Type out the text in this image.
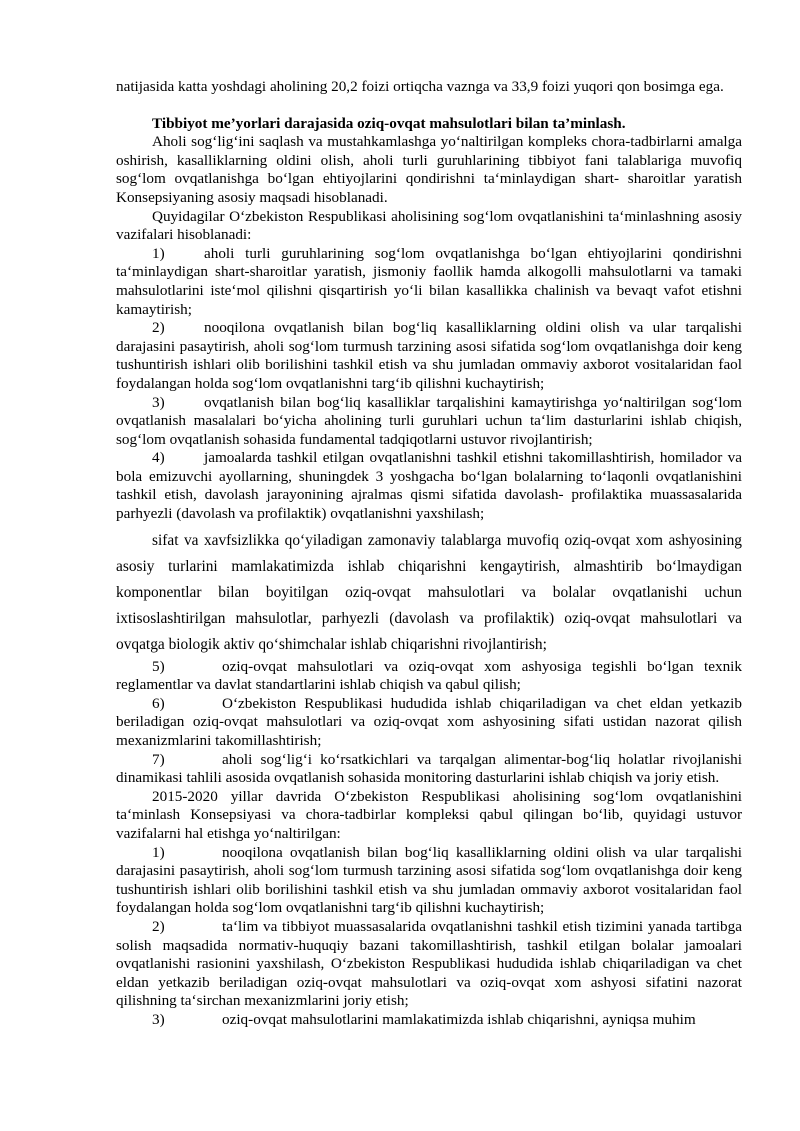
natijasida katta yoshdagi aholining 20,2 foizi ortiqcha vaznga va 33,9 foizi yuqori qon bosimga ega.

Tibbiyot me’yorlari darajasida oziq-ovqat mahsulotlari bilan ta’minlash.

Aholi sog‘lig‘ini saqlash va mustahkamlashga yo‘naltirilgan kompleks chora-tadbirlarni amalga oshirish, kasalliklarning oldini olish, aholi turli guruhlarining tibbiyot fani talablariga muvofiq sog‘lom ovqatlanishga bo‘lgan ehtiyojlarini qondirishni ta‘minlaydigan shart- sharoitlar yaratish Konsepsiyaning asosiy maqsadi hisoblanadi.

Quyidagilar O‘zbekiston Respublikasi aholisining sog‘lom ovqatlanishini ta‘minlashning asosiy vazifalari hisoblanadi:

1)	aholi turli guruhlarining sog‘lom ovqatlanishga bo‘lgan ehtiyojlarini qondirishni ta‘minlaydigan shart-sharoitlar yaratish, jismoniy faollik hamda alkogolli mahsulotlarni va tamaki mahsulotlarini iste‘mol qilishni qisqartirish yo‘li bilan kasallikka chalinish va bevaqt vafot etishni kamaytirish;

2)	nooqilona ovqatlanish bilan bog‘liq kasalliklarning oldini olish va ular tarqalishi darajasini pasaytirish, aholi sog‘lom turmush tarzining asosi sifatida sog‘lom ovqatlanishga doir keng tushuntirish ishlari olib borilishini tashkil etish va shu jumladan ommaviy axborot vositalaridan faol foydalangan holda sog‘lom ovqatlanishni targ‘ib qilishni kuchaytirish;

3)	ovqatlanish bilan bog‘liq kasalliklar tarqalishini kamaytirishga yo‘naltirilgan sog‘lom ovqatlanish masalalari bo‘yicha aholining turli guruhlari uchun ta‘lim dasturlarini ishlab chiqish, sog‘lom ovqatlanish sohasida fundamental tadqiqotlarni ustuvor rivojlantirish;

4)	jamoalarda tashkil etilgan ovqatlanishni tashkil etishni takomillashtirish, homilador va bola emizuvchi ayollarning, shuningdek 3 yoshgacha bo‘lgan bolalarning to‘laqonli ovqatlanishini tashkil etish, davolash jarayonining ajralmas qismi sifatida davolash- profilaktika muassasalarida parhyezli (davolash va profilaktik) ovqatlanishni yaxshilash;

sifat va xavfsizlikka qo‘yiladigan zamonaviy talablarga muvofiq oziq-ovqat xom ashyosining asosiy turlarini mamlakatimizda ishlab chiqarishni kengaytirish, almashtirib bo‘lmaydigan komponentlar bilan boyitilgan oziq-ovqat mahsulotlari va bolalar ovqatlanishi uchun ixtisoslashtirilgan mahsulotlar, parhyezli (davolash va profilaktik) oziq-ovqat mahsulotlari va ovqatga biologik aktiv qo‘shimchalar ishlab chiqarishni rivojlantirish;

5)	oziq-ovqat mahsulotlari va oziq-ovqat xom ashyosiga tegishli bo‘lgan texnik reglamentlar va davlat standartlarini ishlab chiqish va qabul qilish;

6)	O‘zbekiston Respublikasi hududida ishlab chiqariladigan va chet eldan yetkazib beriladigan oziq-ovqat mahsulotlari va oziq-ovqat xom ashyosining sifati ustidan nazorat qilish mexanizmlarini takomillashtirish;

7)	aholi sog‘lig‘i ko‘rsatkichlari va tarqalgan alimentar-bog‘liq holatlar rivojlanishi dinamikasi tahlili asosida ovqatlanish sohasida monitoring dasturlarini ishlab chiqish va joriy etish.

2015-2020 yillar davrida O‘zbekiston Respublikasi aholisining sog‘lom ovqatlanishini ta‘minlash Konsepsiyasi va chora-tadbirlar kompleksi qabul qilingan bo‘lib, quyidagi ustuvor vazifalarni hal etishga yo‘naltirilgan:

1)	nooqilona ovqatlanish bilan bog‘liq kasalliklarning oldini olish va ular tarqalishi darajasini pasaytirish, aholi sog‘lom turmush tarzining asosi sifatida sog‘lom ovqatlanishga doir keng tushuntirish ishlari olib borilishini tashkil etish va shu jumladan ommaviy axborot vositalaridan faol foydalangan holda sog‘lom ovqatlanishni targ‘ib qilishni kuchaytirish;

2)	ta‘lim va tibbiyot muassasalarida ovqatlanishni tashkil etish tizimini yanada tartibga solish maqsadida normativ-huquqiy bazani takomillashtirish, tashkil etilgan bolalar jamoalari ovqatlanishi rasionini yaxshilash, O‘zbekiston Respublikasi hududida ishlab chiqariladigan va chet eldan yetkazib beriladigan oziq-ovqat mahsulotlari va oziq-ovqat xom ashyosi sifatini nazorat qilishning ta‘sirchan mexanizmlarini joriy etish;

3)	oziq-ovqat mahsulotlarini mamlakatimizda ishlab chiqarishni, ayniqsa muhim
